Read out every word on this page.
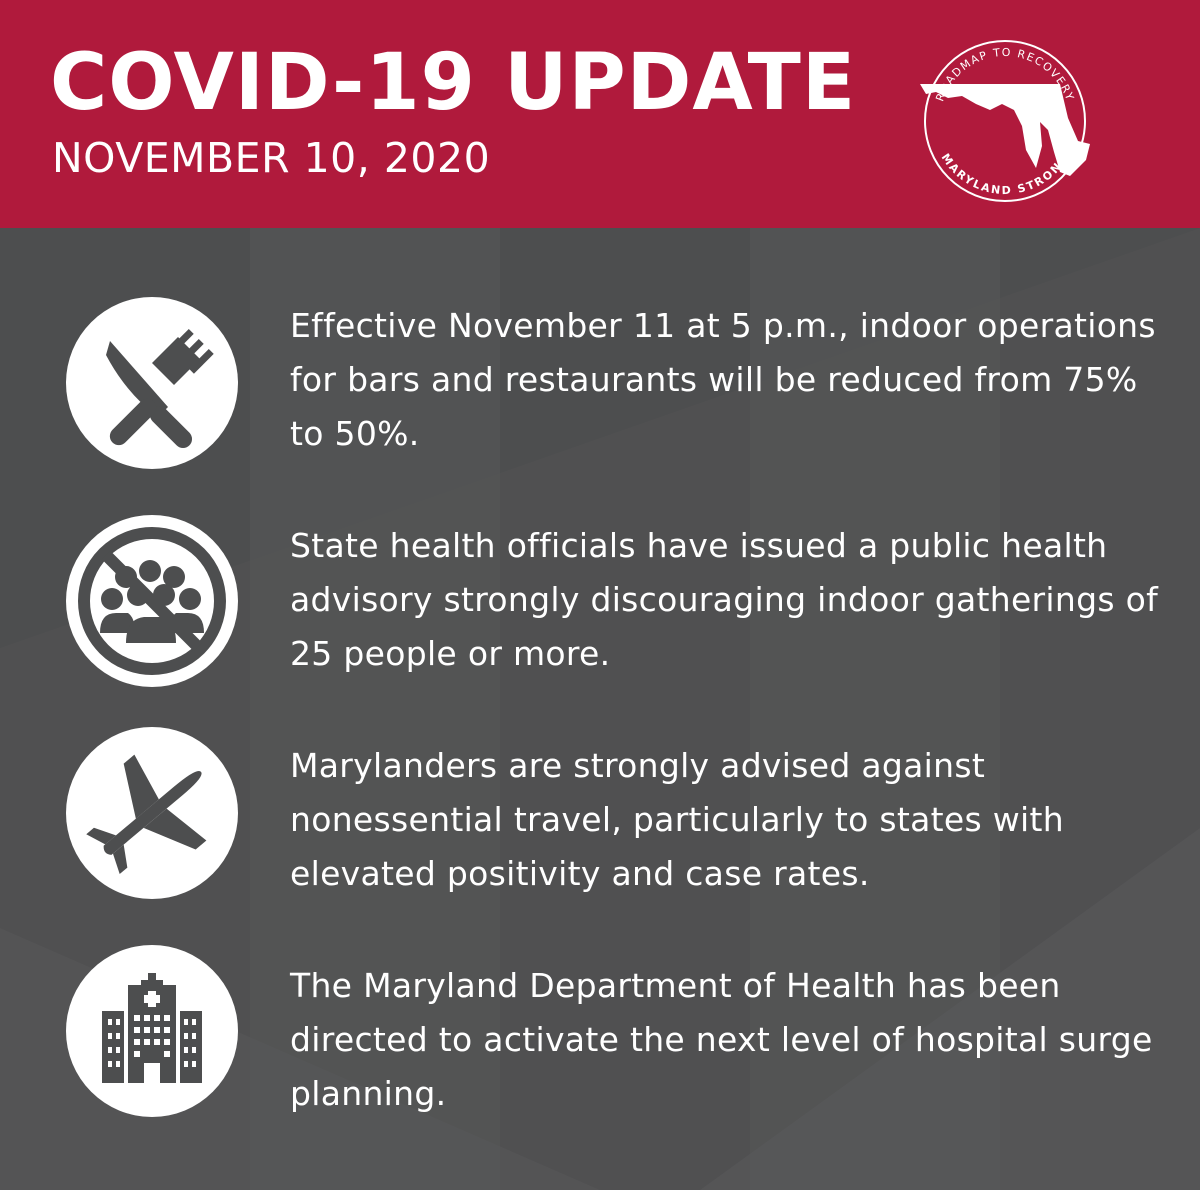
COVID-19 UPDATE
NOVEMBER 10, 2020
ROADMAP TO RECOVERY
MARYLAND STRONG
Effective November 11 at 5 p.m., indoor operations for bars and restaurants will be reduced from 75% to 50%.
State health officials have issued a public health advisory strongly discouraging indoor gatherings of 25 people or more.
Marylanders are strongly advised against nonessential travel, particularly to states with elevated positivity and case rates.
The Maryland Department of Health has been directed to activate the next level of hospital surge planning.
